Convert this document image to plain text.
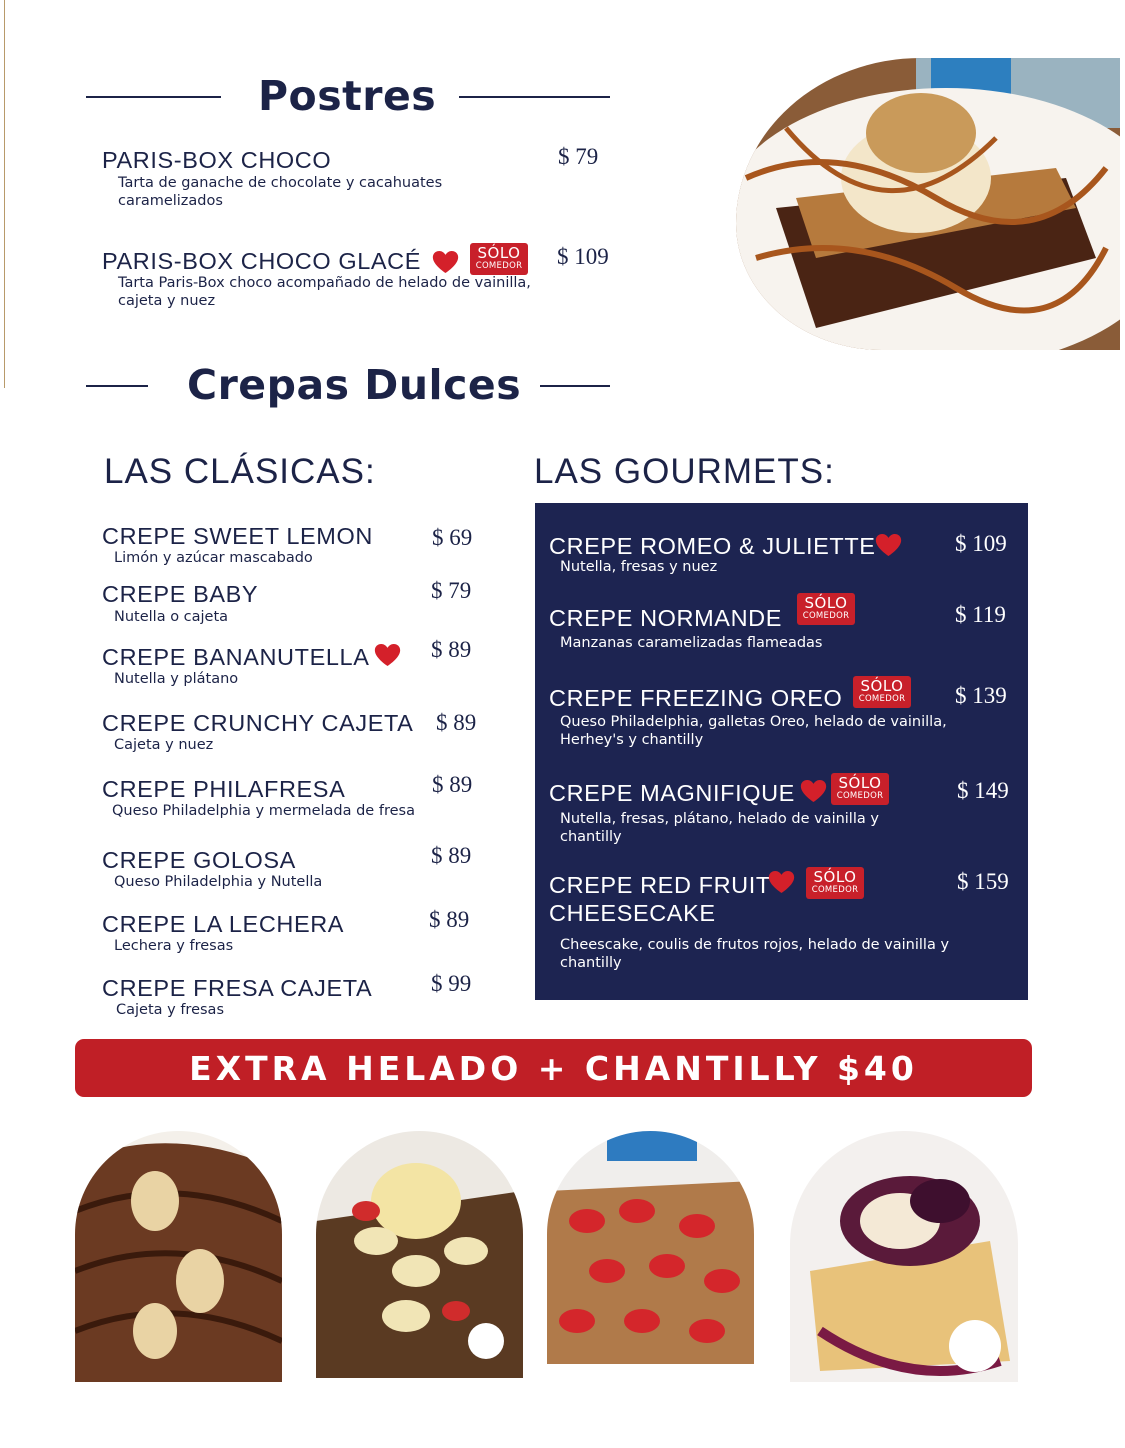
Postres
PARIS-BOX CHOCO
Tarta de ganache de chocolate y cacahuates caramelizados
$ 79
PARIS-BOX CHOCO GLACÉ	SÓLO
COMEDOR
Tarta Paris-Box choco acompañado de helado de vainilla, cajeta y nuez
$ 109
Crepas Dulces
LAS CLÁSICAS:	LAS GOURMETS:
CREPE SWEET LEMON
Limón y azúcar mascabado
$ 69
CREPE BABY
Nutella o cajeta
$ 79
CREPE BANANUTELLA
Nutella y plátano
$ 89
CREPE CRUNCHY CAJETA
Cajeta y nuez
$ 89
CREPE PHILAFRESA
Queso Philadelphia y mermelada de fresa
$ 89
CREPE GOLOSA
Queso Philadelphia y Nutella
$ 89
CREPE LA LECHERA
Lechera y fresas
$ 89
CREPE FRESA CAJETA
Cajeta y fresas
$ 99
CREPE ROMEO & JULIETTE
Nutella, fresas y nuez
$ 109
CREPE NORMANDE
SÓLO
COMEDOR
Manzanas caramelizadas flameadas
$ 119
CREPE FREEZING OREO	SÓLO
COMEDOR
Queso Philadelphia, galletas Oreo, helado de vainilla, Herhey's y chantilly
$ 139
CREPE MAGNIFIQUE	SÓLO
COMEDOR
Nutella, fresas, plátano, helado de vainilla y chantilly
$ 149
CREPE RED FRUIT	SÓLO
COMEDOR
CHEESECAKE
Cheescake, coulis de frutos rojos, helado de vainilla y chantilly
$ 159
EXTRA HELADO + CHANTILLY $40
